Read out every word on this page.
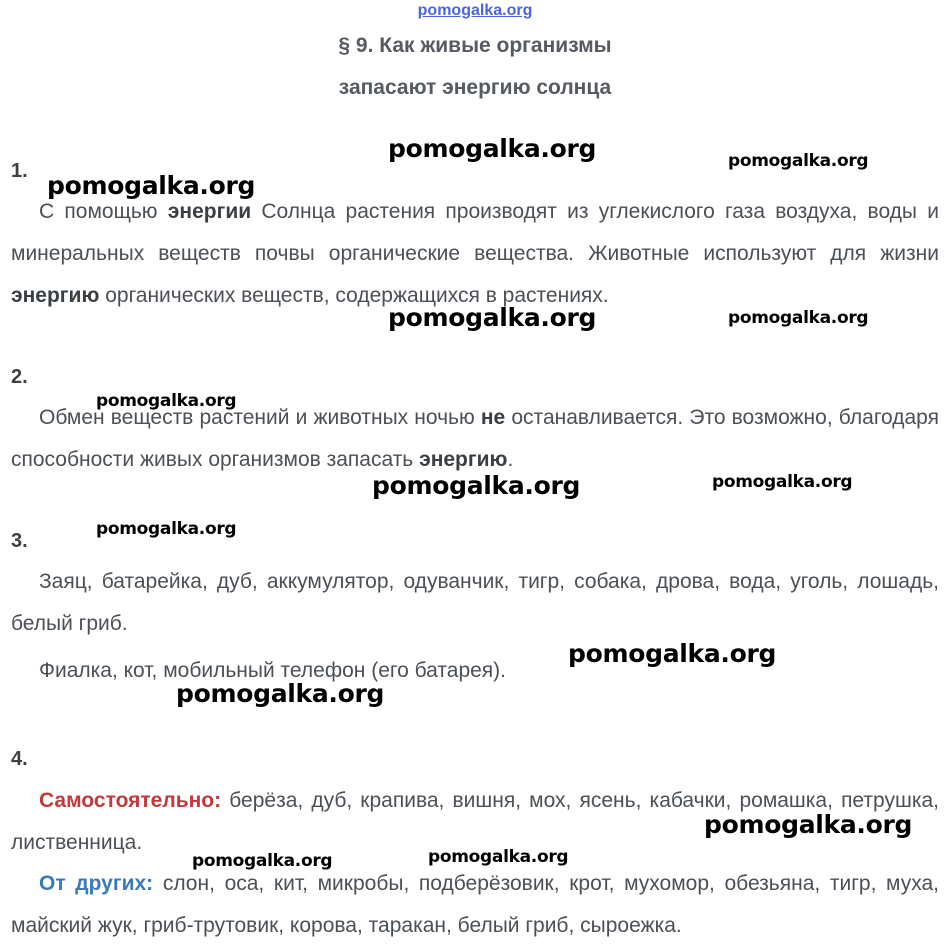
pomogalka.org
§ 9. Как живые организмы
запасают энергию солнца
1.

С помощью энергии Солнца растения производят из углекислого газа воздуха, воды и минеральных веществ почвы органические вещества. Животные используют для жизни энергию органических веществ, содержащихся в растениях.

2.

Обмен веществ растений и животных ночью не останавливается. Это возможно, благодаря способности живых организмов запасать энергию.

3.

Заяц, батарейка, дуб, аккумулятор, одуванчик, тигр, собака, дрова, вода, уголь, лошадь, белый гриб.

Фиалка, кот, мобильный телефон (его батарея).

4.

Самостоятельно: берёза, дуб, крапива, вишня, мох, ясень, кабачки, ромашка, петрушка, лиственница.

От других: слон, оса, кит, микробы, подберёзовик, крот, мухомор, обезьяна, тигр, муха, майский жук, гриб-трутовик, корова, таракан, белый гриб, сыроежка.

pomogalka.org	pomogalka.org
pomogalka.org
pomogalka.org	pomogalka.org
pomogalka.org
pomogalka.org	pomogalka.org
pomogalka.org
pomogalka.org
pomogalka.org
pomogalka.org
pomogalka.org	pomogalka.org
